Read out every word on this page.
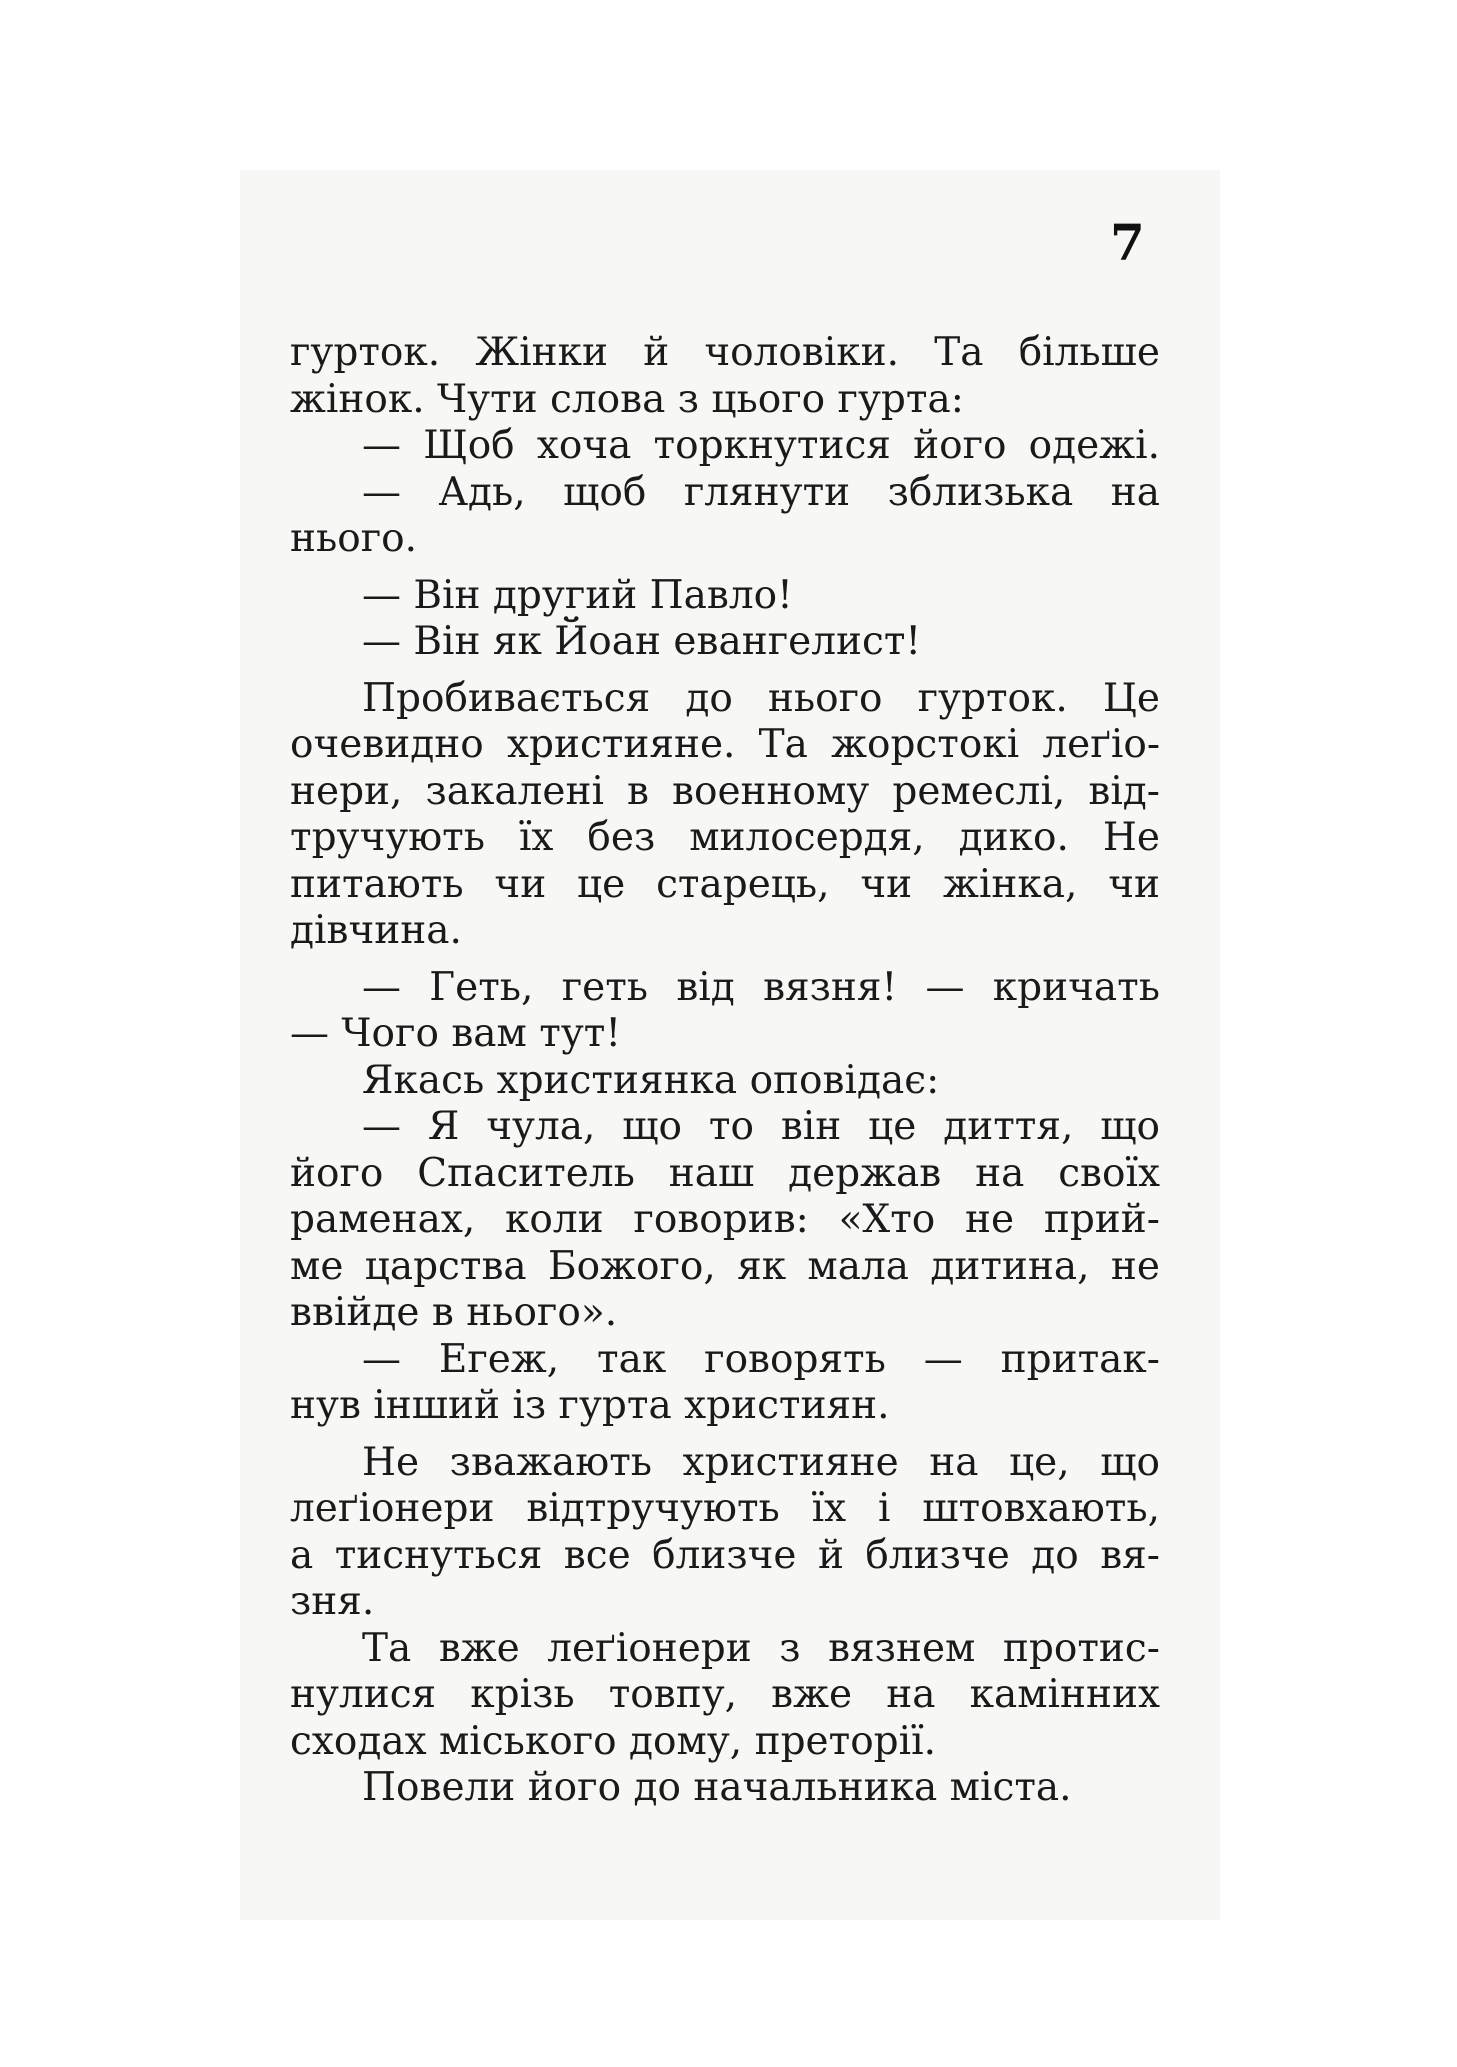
7
гурток. Жінки й чоловіки. Та більше
жінок. Чути слова з цього гурта:
— Щоб хоча торкнутися його одежі.
— Адь, щоб глянути зблизька на
нього.
— Він другий Павло!
— Він як Йоан евангелист!
Пробивається до нього гурток. Це
очевидно християне. Та жорстокі леґіо-
нери, закалені в военному ремеслі, від-
тручують їх без милосердя, дико. Не
питають чи це старець, чи жінка, чи
дівчина.
— Геть, геть від вязня! — кричать
— Чого вам тут!
Якась християнка оповідає:
— Я чула, що то він це диття, що
його Спаситель наш держав на своїх
раменах, коли говорив: «Хто не прий-
ме царства Божого, як мала дитина, не
ввійде в нього».
— Егеж, так говорять — притак-
нув інший із гурта християн.
Не зважають християне на це, що
леґіонери відтручують їх і штовхають,
а тиснуться все близче й близче до вя-
зня.
Та вже леґіонери з вязнем протис-
нулися крізь товпу, вже на камінних
сходах міського дому, преторії.
Повели його до начальника міста.
